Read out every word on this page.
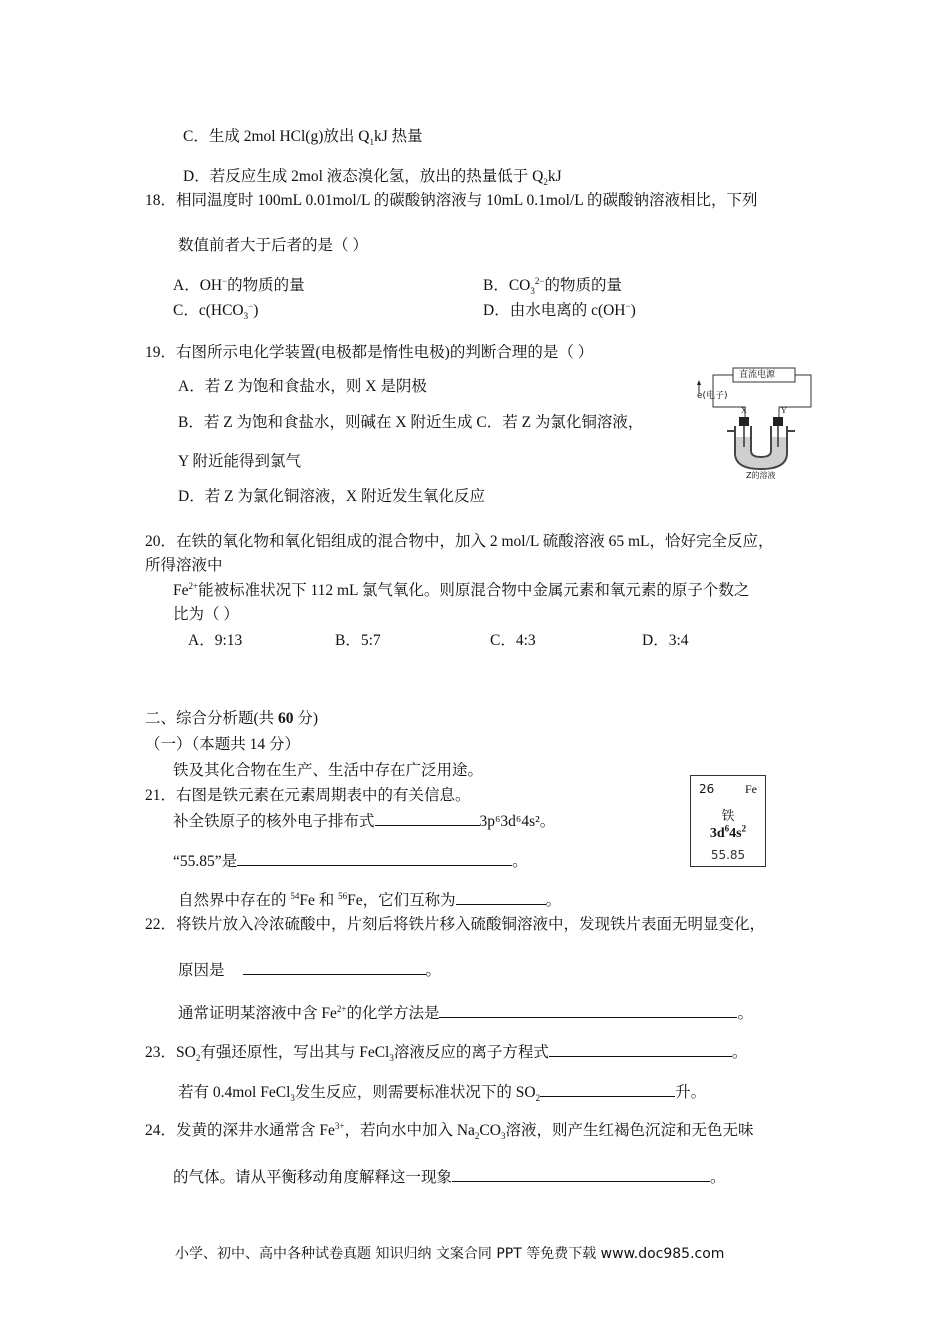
C．生成 2mol HCl(g)放出 $Q_1kJ$ 热量
D．若反应生成 2mol 液态溴化氢，放出的热量低于 $Q_2kJ$
18．相同温度时 100mL 0.01mol/L 的碳酸钠溶液与 10mL 0.1mol/L 的碳酸钠溶液相比，下列
数值前者大于后者的是（ ）
A．OH−的物质的量	B．$CO_3^{2-}$的物质的量
C．$c(HCO_3^-)$	D．由水电离的 c(OH−)
19．右图所示电化学装置(电极都是惰性电极)的判断合理的是（ ）
A．若 Z 为饱和食盐水，则 X 是阴极
B．若 Z 为饱和食盐水，则碱在 X 附近生成 C．若 Z 为氯化铜溶液，
Y 附近能得到氯气
D．若 Z 为氯化铜溶液，X 附近发生氧化反应
直流电源
e(电子)
X	Y
Z的溶液
20．在铁的氧化物和氧化铝组成的混合物中，加入 2 mol/L 硫酸溶液 65 mL，恰好完全反应，
所得溶液中
$Fe^{2+}$能被标准状况下 112 mL 氯气氧化。则原混合物中金属元素和氧元素的原子个数之
比为（ ）
A．9:13	B．5:7	C．4:3	D．3:4
二、综合分析题(共 60 分)
（一）（本题共 14 分）
铁及其化合物在生产、生活中存在广泛用途。
21．右图是铁元素在元素周期表中的有关信息。
补全铁原子的核外电子排布式	3p⁶3d⁶4s²。
“55.85”是	。
自然界中存在的 $^{54}$Fe 和 $^{56}$Fe，它们互称为	。
26	Fe
铁
$3d^64s^2$
55.85
22．将铁片放入冷浓硫酸中，片刻后将铁片移入硫酸铜溶液中，发现铁片表面无明显变化，
原因是	。
通常证明某溶液中含 $Fe^{2+}$的化学方法是	。
23．$SO_2$有强还原性，写出其与 FeCl$_3$溶液反应的离子方程式	。
若有 0.4mol FeCl$_3$发生反应，则需要标准状况下的 $SO_2$	升。
24．发黄的深井水通常含 $Fe^{3+}$，若向水中加入 $Na_2CO_3$溶液，则产生红褐色沉淀和无色无味
的气体。请从平衡移动角度解释这一现象	。
小学、初中、高中各种试卷真题 知识归纳 文案合同 PPT 等免费下载 www.doc985.com
